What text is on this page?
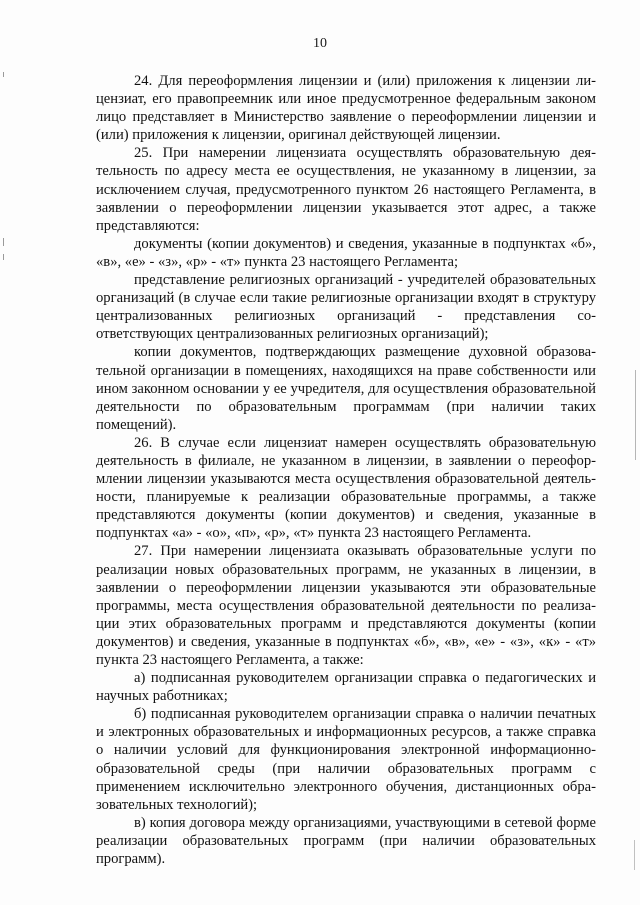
10

24. Для переоформления лицензии и (или) приложения к лицензии лицензиат, его правопреемник или иное предусмотренное федеральным законом лицо представляет в Министерство заявление о переоформлении лицензии и (или) приложения к лицензии, оригинал действующей лицензии.

25. При намерении лицензиата осуществлять образовательную деятельность по адресу места ее осуществления, не указанному в лицензии, за исключением случая, предусмотренного пунктом 26 настоящего Регламента, в заявлении о переоформлении лицензии указывается этот адрес, а также представляются:

документы (копии документов) и сведения, указанные в подпунктах «б», «в», «е» - «з», «р» - «т» пункта 23 настоящего Регламента;

представление религиозных организаций - учредителей образовательных организаций (в случае если такие религиозные организации входят в структуру централизованных религиозных организаций - представления соответствующих централизованных религиозных организаций);

копии документов, подтверждающих размещение духовной образовательной организации в помещениях, находящихся на праве собственности или ином законном основании у ее учредителя, для осуществления образовательной деятельности по образовательным программам (при наличии таких помещений).

26. В случае если лицензиат намерен осуществлять образовательную деятельность в филиале, не указанном в лицензии, в заявлении о переоформлении лицензии указываются места осуществления образовательной деятельности, планируемые к реализации образовательные программы, а также представляются документы (копии документов) и сведения, указанные в подпунктах «а» - «о», «п», «р», «т» пункта 23 настоящего Регламента.

27. При намерении лицензиата оказывать образовательные услуги по реализации новых образовательных программ, не указанных в лицензии, в заявлении о переоформлении лицензии указываются эти образовательные программы, места осуществления образовательной деятельности по реализации этих образовательных программ и представляются документы (копии документов) и сведения, указанные в подпунктах «б», «в», «е» - «з», «к» - «т» пункта 23 настоящего Регламента, а также:

а) подписанная руководителем организации справка о педагогических и научных работниках;

б) подписанная руководителем организации справка о наличии печатных и электронных образовательных и информационных ресурсов, а также справка о наличии условий для функционирования электронной информационно-образовательной среды (при наличии образовательных программ с применением исключительно электронного обучения, дистанционных образовательных технологий);

в) копия договора между организациями, участвующими в сетевой форме реализации образовательных программ (при наличии образовательных программ).
